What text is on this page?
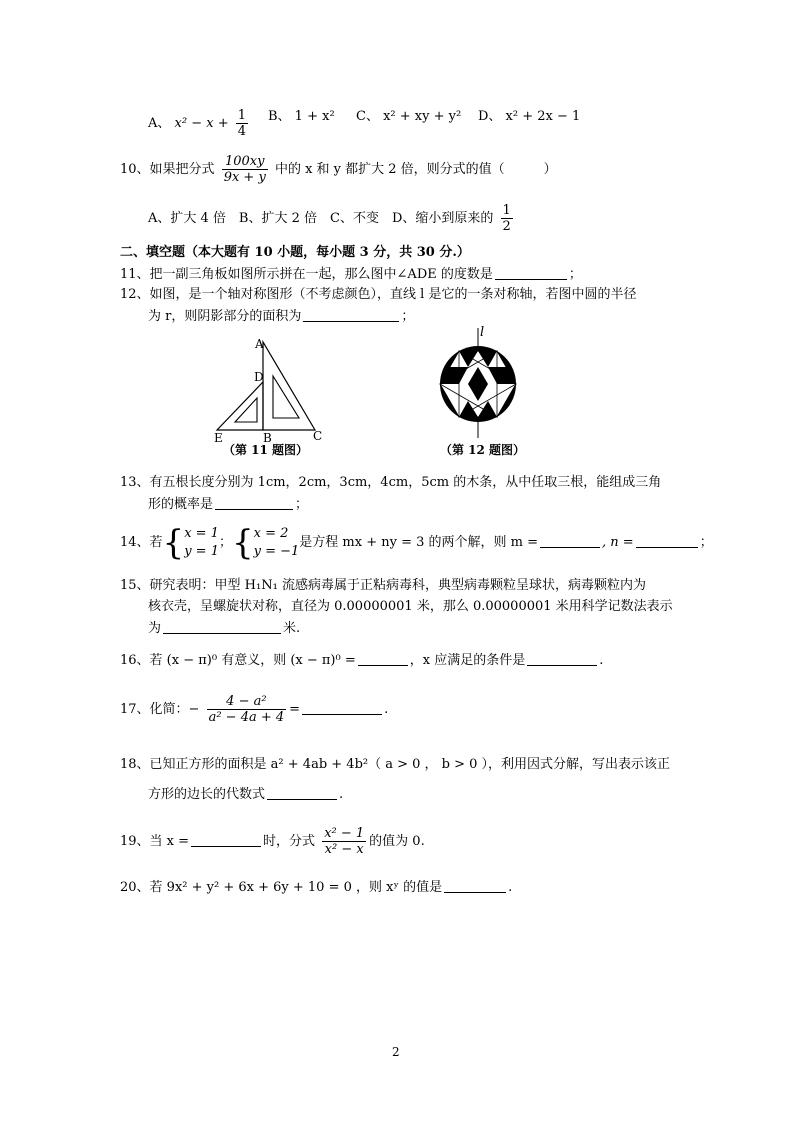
A、 $x^2 - x + \frac{1}{4}$ B、 1 + x² C、 x² + xy + y² D、 x² + 2x − 1
10、如果把分式 $\frac{100xy}{9x + y}$ 中的 x 和 y 都扩大 2 倍，则分式的值（　　　）
A、扩大 4 倍　B、扩大 2 倍　C、不变　D、缩小到原来的 $\frac{1}{2}$
二、填空题（本大题有 10 小题，每小题 3 分，共 30 分.）
11、把一副三角板如图所示拼在一起，那么图中∠ADE 的度数是	；
12、如图，是一个轴对称图形（不考虑颜色），直线 l 是它的一条对称轴，若图中圆的半径
为 r，则阴影部分的面积为	；
A
D
E	B	C
（第 11 题图）
l
（第 12 题图）
13、有五根长度分别为 1cm，2cm，3cm，4cm，5cm 的木条，从中任取三根，能组成三角
形的概率是	；
14、若{ x = 1
y = 1
；{ x = 2
y = −1
是方程 mx + ny = 3 的两个解，则 m =	, n =	；
15、研究表明：甲型 H₁N₁ 流感病毒属于正粘病毒科，典型病毒颗粒呈球状，病毒颗粒内为
核衣壳，呈螺旋状对称，直径为 0.00000001 米，那么 0.00000001 米用科学记数法表示
为	米.
16、若 (x − π)⁰ 有意义，则 (x − π)⁰ =	，x 应满足的条件是	.
17、化简：− $\frac{\text{4 − a²}}{\text{a² − 4a + 4}}$ =	.
18、已知正方形的面积是 a² + 4ab + 4b²（ a > 0 ， b > 0 ），利用因式分解，写出表示该正
方形的边长的代数式	.
19、当 x =	时，分式 $\frac{\text{x² − 1}}{\text{x² − x}}$ 的值为 0.
20、若 9x² + y² + 6x + 6y + 10 = 0 ，则 xʸ 的值是	.
2
